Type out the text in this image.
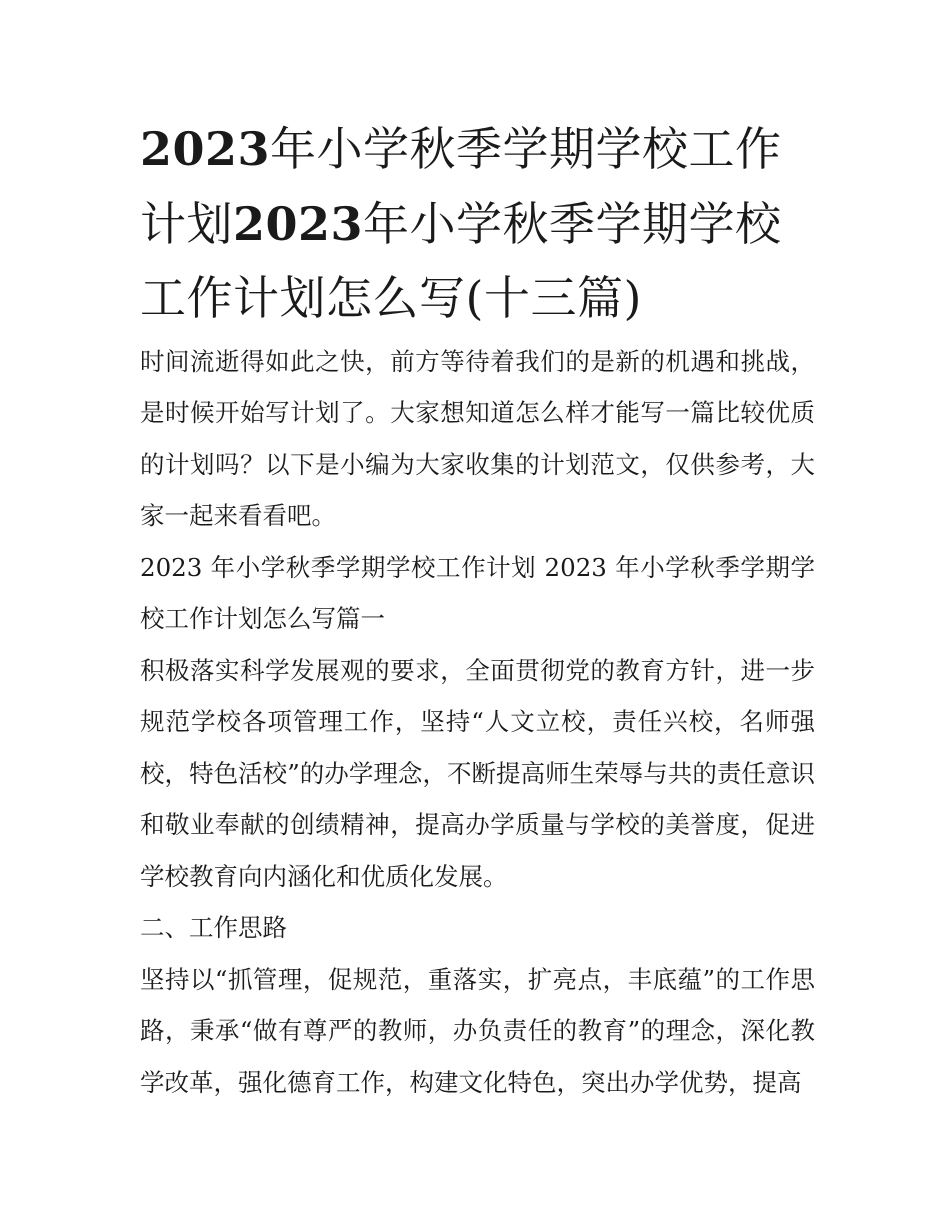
2023年小学秋季学期学校工作计划2023年小学秋季学期学校工作计划怎么写(十三篇)

时间流逝得如此之快，前方等待着我们的是新的机遇和挑战，是时候开始写计划了。大家想知道怎么样才能写一篇比较优质的计划吗？以下是小编为大家收集的计划范文，仅供参考，大家一起来看看吧。

2023 年小学秋季学期学校工作计划 2023 年小学秋季学期学校工作计划怎么写篇一

积极落实科学发展观的要求，全面贯彻党的教育方针，进一步规范学校各项管理工作，坚持“人文立校，责任兴校，名师强校，特色活校”的办学理念，不断提高师生荣辱与共的责任意识和敬业奉献的创绩精神，提高办学质量与学校的美誉度，促进学校教育向内涵化和优质化发展。

二、工作思路

坚持以“抓管理，促规范，重落实，扩亮点，丰底蕴”的工作思路，秉承“做有尊严的教师，办负责任的教育”的理念，深化教学改革，强化德育工作，构建文化特色，突出办学优势，提高
